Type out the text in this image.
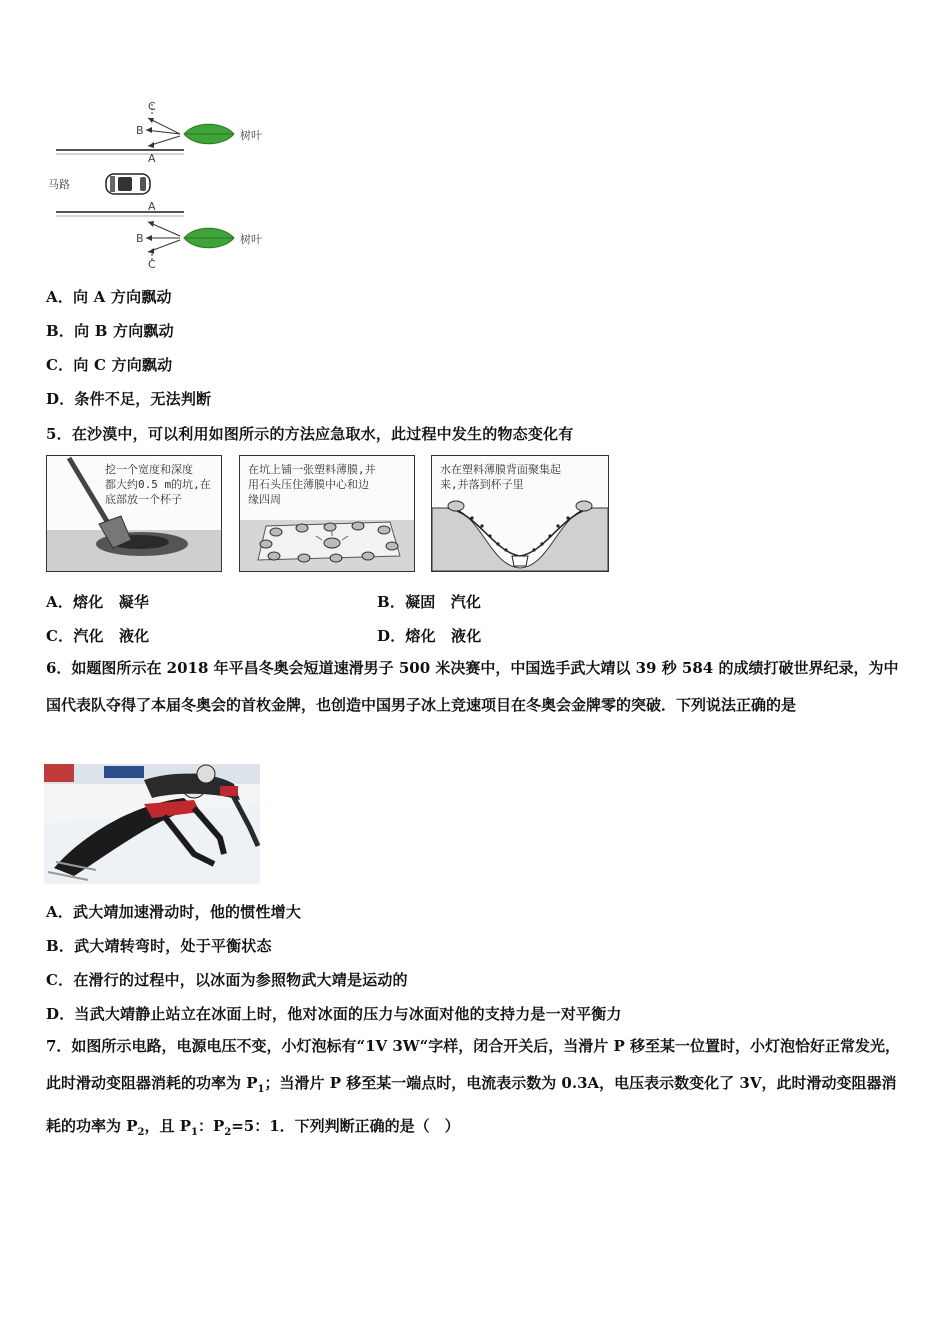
C
B
A
A
B
C
树叶
树叶
马路
A．向 A 方向飘动
B．向 B 方向飘动
C．向 C 方向飘动
D．条件不足，无法判断
5．在沙漠中，可以利用如图所示的方法应急取水，此过程中发生的物态变化有
挖一个宽度和深度
都大约0.5 m的坑,在
底部放一个杯子
在坑上铺一张塑料薄膜,并
用石头压住薄膜中心和边
缘四周
水在塑料薄膜背面聚集起
来,并落到杯子里
A．熔化　凝华	B．凝固　汽化
C．汽化　液化	D．熔化　液化
6．如题图所示在 2018 年平昌冬奥会短道速滑男子 500 米决赛中，中国选手武大靖以 39 秒 584 的成绩打破世界纪录，为中国代表队夺得了本届冬奥会的首枚金牌，也创造中国男子冰上竞速项目在冬奥会金牌零的突破．下列说法正确的是
A．武大靖加速滑动时，他的惯性增大
B．武大靖转弯时，处于平衡状态
C．在滑行的过程中，以冰面为参照物武大靖是运动的
D．当武大靖静止站立在冰面上时，他对冰面的压力与冰面对他的支持力是一对平衡力
7．如图所示电路，电源电压不变，小灯泡标有“1V 3W“字样，闭合开关后，当滑片 P 移至某一位置时，小灯泡恰好正常发光，此时滑动变阻器消耗的功率为 $P_1$；当滑片 P 移至某一端点时，电流表示数为 0.3A，电压表示数变化了 3V，此时滑动变阻器消耗的功率为 $P_2$，且 $P_1$：$P_2=5$：1．下列判断正确的是（　）
